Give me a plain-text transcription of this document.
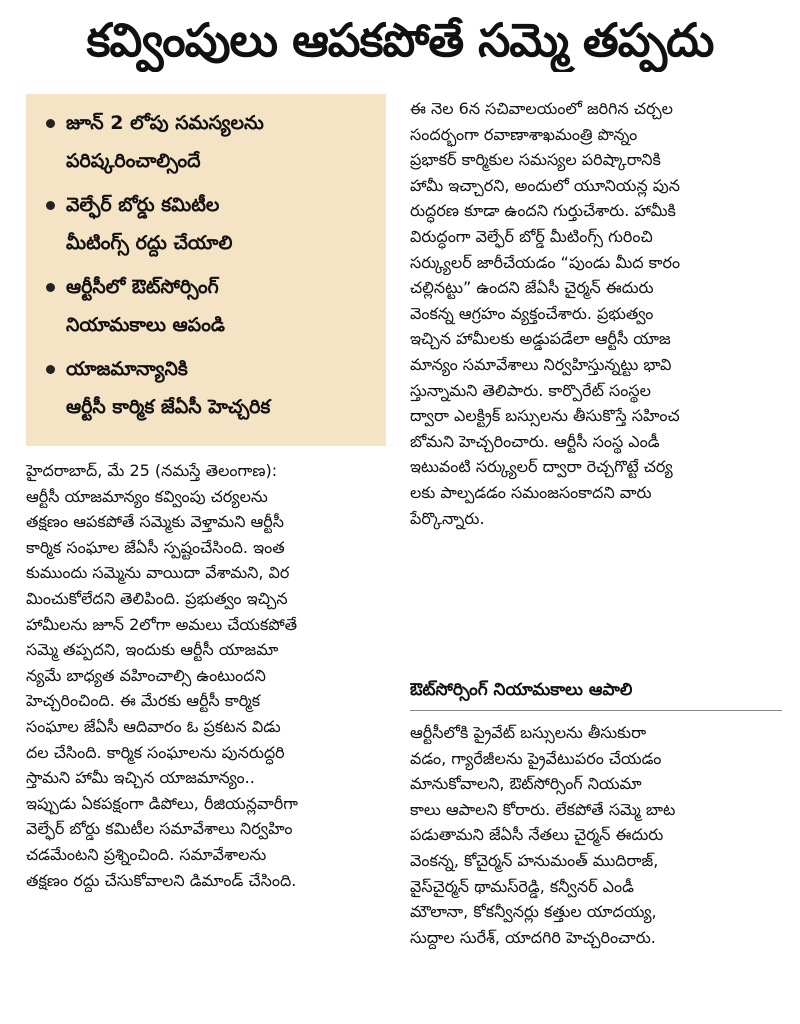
కవ్వింపులు ఆపకపోతే సమ్మె తప్పదు
జూన్ 2 లోపు సమస్యలను
పరిష్కరించాల్సిందే
వెల్ఫేర్ బోర్డు కమిటీల
మీటింగ్స్ రద్దు చేయాలి
ఆర్టీసీలో ఔట్‌సోర్సింగ్
నియామకాలు ఆపండి
యాజమాన్యానికి
ఆర్టీసీ కార్మిక జేఏసీ హెచ్చరిక

హైదరాబాద్, మే 25 (నమస్తే తెలంగాణ):

ఆర్టీసీ యాజమాన్యం కవ్వింపు చర్యలను

తక్షణం ఆపకపోతే సమ్మెకు వెళ్తామని ఆర్టీసీ

కార్మిక సంఘాల జేఏసీ స్పష్టంచేసింది. ఇంత

కుముందు సమ్మెను వాయిదా వేశామని, విర

మించుకోలేదని తెలిపింది. ప్రభుత్వం ఇచ్చిన

హామీలను జూన్ 2లోగా అమలు చేయకపోతే

సమ్మె తప్పదని, ఇందుకు ఆర్టీసీ యాజమా

న్యమే బాధ్యత వహించాల్సి ఉంటుందని

హెచ్చరించింది. ఈ మేరకు ఆర్టీసీ కార్మిక

సంఘాల జేఏసీ ఆదివారం ఓ ప్రకటన విడు

దల చేసింది. కార్మిక సంఘాలను పునరుద్ధరి

స్తామని హామీ ఇచ్చిన యాజమాన్యం..

ఇప్పుడు ఏకపక్షంగా డిపోలు, రీజియన్లవారీగా

వెల్ఫేర్ బోర్డు కమిటీల సమావేశాలు నిర్వహిం

చడమేంటని ప్రశ్నించింది. సమావేశాలను

తక్షణం రద్దు చేసుకోవాలని డిమాండ్ చేసింది.

ఈ నెల 6న సచివాలయంలో జరిగిన చర్చల

సందర్భంగా రవాణాశాఖమంత్రి పొన్నం

ప్రభాకర్ కార్మికుల సమస్యల పరిష్కారానికి

హామీ ఇచ్చారని, అందులో యూనియన్ల పున

రుద్ధరణ కూడా ఉందని గుర్తుచేశారు. హామీకి

విరుద్ధంగా వెల్ఫేర్ బోర్డ్ మీటింగ్స్ గురించి

సర్క్యులర్ జారీచేయడం “పుండు మీద కారం

చల్లినట్టు” ఉందని జేఏసీ చైర్మన్ ఈదురు

వెంకన్న ఆగ్రహం వ్యక్తంచేశారు. ప్రభుత్వం

ఇచ్చిన హామీలకు అడ్డుపడేలా ఆర్టీసీ యాజ

మాన్యం సమావేశాలు నిర్వహిస్తున్నట్టు భావి

స్తున్నామని తెలిపారు. కార్పొరేట్ సంస్థల

ద్వారా ఎలక్ట్రిక్ బస్సులను తీసుకొస్తే సహించ

బోమని హెచ్చరించారు. ఆర్టీసీ సంస్థ ఎండీ

ఇటువంటి సర్క్యులర్ ద్వారా రెచ్చగొట్టే చర్య

లకు పాల్పడడం సమంజసంకాదని వారు

పేర్కొన్నారు.

ఔట్‌సోర్సింగ్ నియామకాలు ఆపాలి

ఆర్టీసీలోకి ప్రైవేట్ బస్సులను తీసుకురా

వడం, గ్యారేజీలను ప్రైవేటుపరం చేయడం

మానుకోవాలని, ఔట్‌సోర్సింగ్ నియమా

కాలు ఆపాలని కోరారు. లేకపోతే సమ్మె బాట

పడుతామని జేఏసీ నేతలు చైర్మన్ ఈదురు

వెంకన్న, కోచైర్మన్ హనుమంత్ ముదిరాజ్,

వైస్‌చైర్మన్ థామస్‌రెడ్డి, కన్వీనర్ ఎండీ

మౌలానా, కోకన్వీనర్లు కత్తుల యాదయ్య,

సుద్దాల సురేశ్, యాదగిరి హెచ్చరించారు.
